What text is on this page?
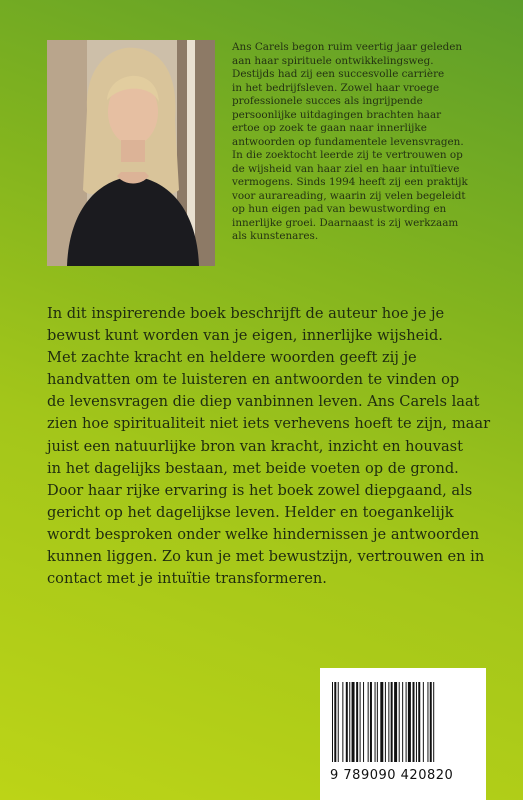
Ans Carels begon ruim veertig jaar geleden
aan haar spirituele ontwikkelingsweg.
Destijds had zij een succesvolle carrière
in het bedrijfsleven. Zowel haar vroege
professionele succes als ingrijpende
persoonlijke uitdagingen brachten haar
ertoe op zoek te gaan naar innerlijke
antwoorden op fundamentele levensvragen.
In die zoektocht leerde zij te vertrouwen op
de wijsheid van haar ziel en haar intuïtieve
vermogens. Sinds 1994 heeft zij een praktijk
voor aurareading, waarin zij velen begeleidt
op hun eigen pad van bewustwording en
innerlijke groei. Daarnaast is zij werkzaam
als kunstenares.
In dit inspirerende boek beschrijft de auteur hoe je je
bewust kunt worden van je eigen, innerlijke wijsheid.
Met zachte kracht en heldere woorden geeft zij je
handvatten om te luisteren en antwoorden te vinden op
de levensvragen die diep vanbinnen leven. Ans Carels laat
zien hoe spiritualiteit niet iets verhevens hoeft te zijn, maar
juist een natuurlijke bron van kracht, inzicht en houvast
in het dagelijks bestaan, met beide voeten op de grond.
Door haar rijke ervaring is het boek zowel diepgaand, als
gericht op het dagelijkse leven. Helder en toegankelijk
wordt besproken onder welke hindernissen je antwoorden
kunnen liggen. Zo kun je met bewustzijn, vertrouwen en in
contact met je intuïtie transformeren.
9 789090 420820
